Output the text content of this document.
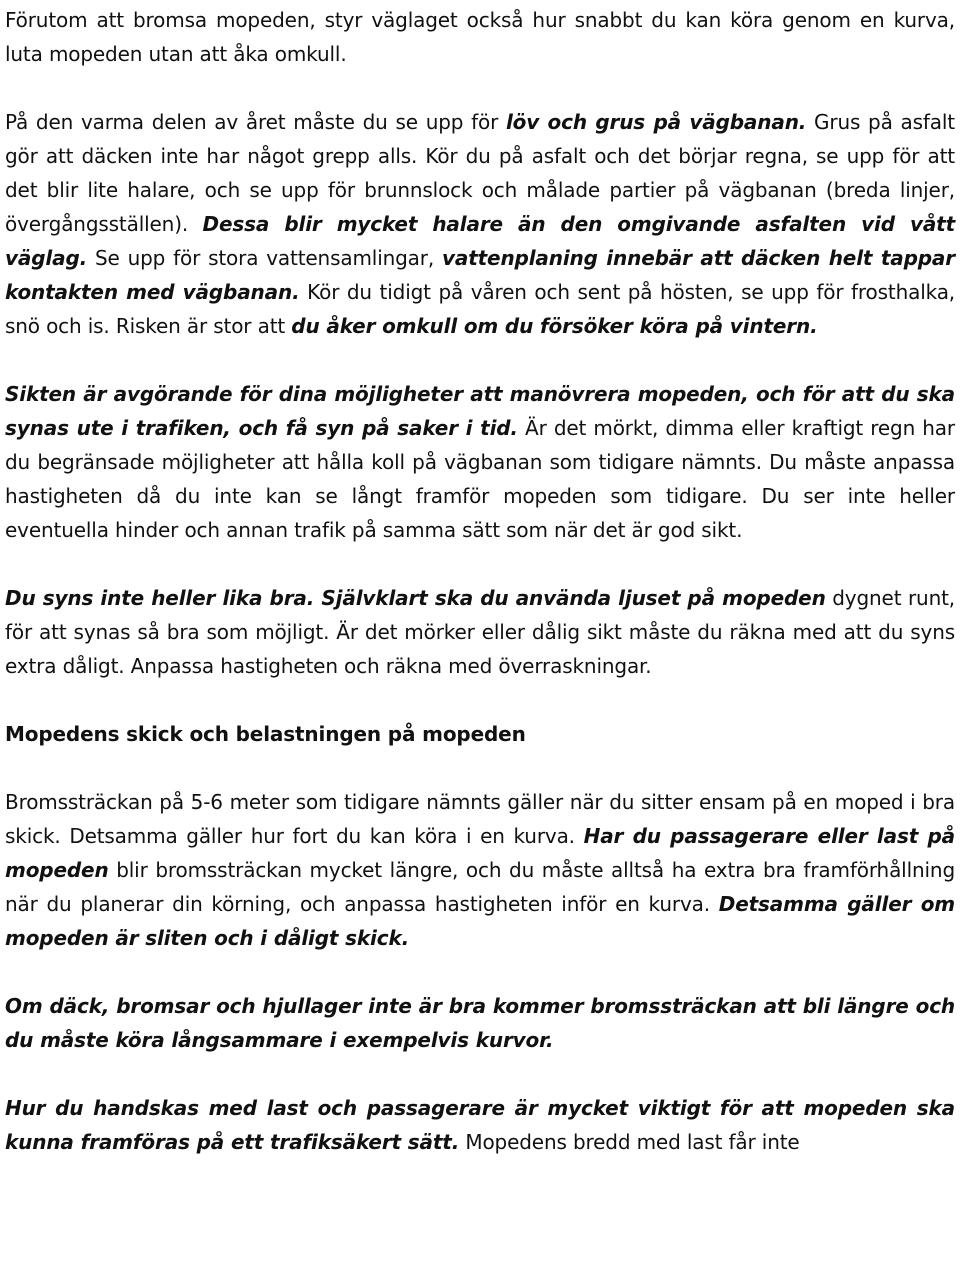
Förutom att bromsa mopeden, styr väglaget också hur snabbt du kan köra genom en kurva, luta mopeden utan att åka omkull.

På den varma delen av året måste du se upp för löv och grus på vägbanan. Grus på asfalt gör att däcken inte har något grepp alls. Kör du på asfalt och det börjar regna, se upp för att det blir lite halare, och se upp för brunnslock och målade partier på vägbanan (breda linjer, övergångsställen). Dessa blir mycket halare än den omgivande asfalten vid vått väglag. Se upp för stora vattensamlingar, vattenplaning innebär att däcken helt tappar kontakten med vägbanan. Kör du tidigt på våren och sent på hösten, se upp för frosthalka, snö och is. Risken är stor att du åker omkull om du försöker köra på vintern.

Sikten är avgörande för dina möjligheter att manövrera mopeden, och för att du ska synas ute i trafiken, och få syn på saker i tid. Är det mörkt, dimma eller kraftigt regn har du begränsade möjligheter att hålla koll på vägbanan som tidigare nämnts. Du måste anpassa hastigheten då du inte kan se långt framför mopeden som tidigare. Du ser inte heller eventuella hinder och annan trafik på samma sätt som när det är god sikt.

Du syns inte heller lika bra. Självklart ska du använda ljuset på mopeden dygnet runt, för att synas så bra som möjligt. Är det mörker eller dålig sikt måste du räkna med att du syns extra dåligt. Anpassa hastigheten och räkna med överraskningar.

Mopedens skick och belastningen på mopeden

Bromssträckan på 5-6 meter som tidigare nämnts gäller när du sitter ensam på en moped i bra skick. Detsamma gäller hur fort du kan köra i en kurva. Har du passagerare eller last på mopeden blir bromssträckan mycket längre, och du måste alltså ha extra bra framförhållning när du planerar din körning, och anpassa hastigheten inför en kurva. Detsamma gäller om mopeden är sliten och i dåligt skick.

Om däck, bromsar och hjullager inte är bra kommer bromssträckan att bli längre och du måste köra långsammare i exempelvis kurvor.

Hur du handskas med last och passagerare är mycket viktigt för att mopeden ska kunna framföras på ett trafiksäkert sätt. Mopedens bredd med last får inte
